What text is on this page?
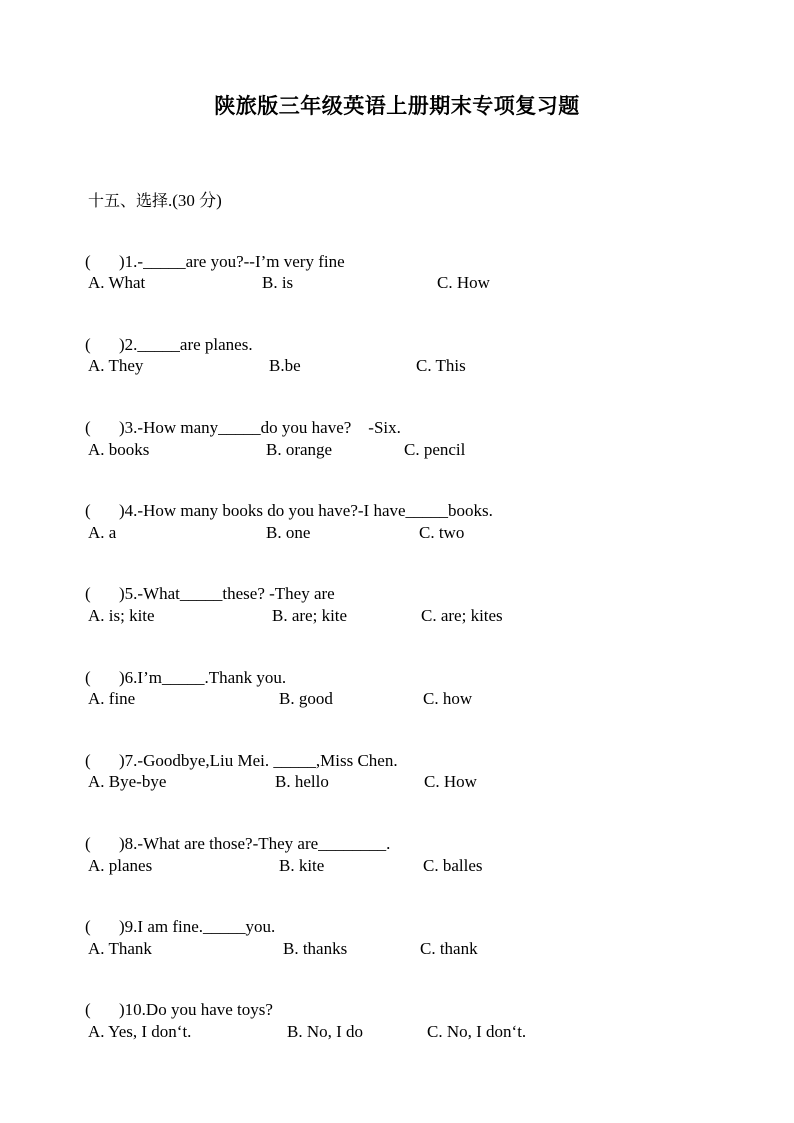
陕旅版三年级英语上册期末专项复习题
十五、选择.(30 分)

( )1.-_____are you?--I’m very fine

A. What	B. is	C. How

( )2._____are planes.

A. They	B.be	C. This

( )3.-How many_____do you have?    -Six.

A. books	B. orange	C. pencil

( )4.-How many books do you have?-I have_____books.

A. a	B. one	C. two

( )5.-What_____these? -They are

A. is; kite	B. are; kite	C. are; kites

( )6.I’m_____.Thank you.

A. fine	B. good	C. how

( )7.-Goodbye,Liu Mei. _____,Miss Chen.

A. Bye-bye	B. hello	C. How

( )8.-What are those?-They are________.

A. planes	B. kite	C. balles

( )9.I am fine._____you.

A. Thank	B. thanks	C. thank

( )10.Do you have toys?

A. Yes, I don‘t.	B. No, I do	C. No, I don‘t.
